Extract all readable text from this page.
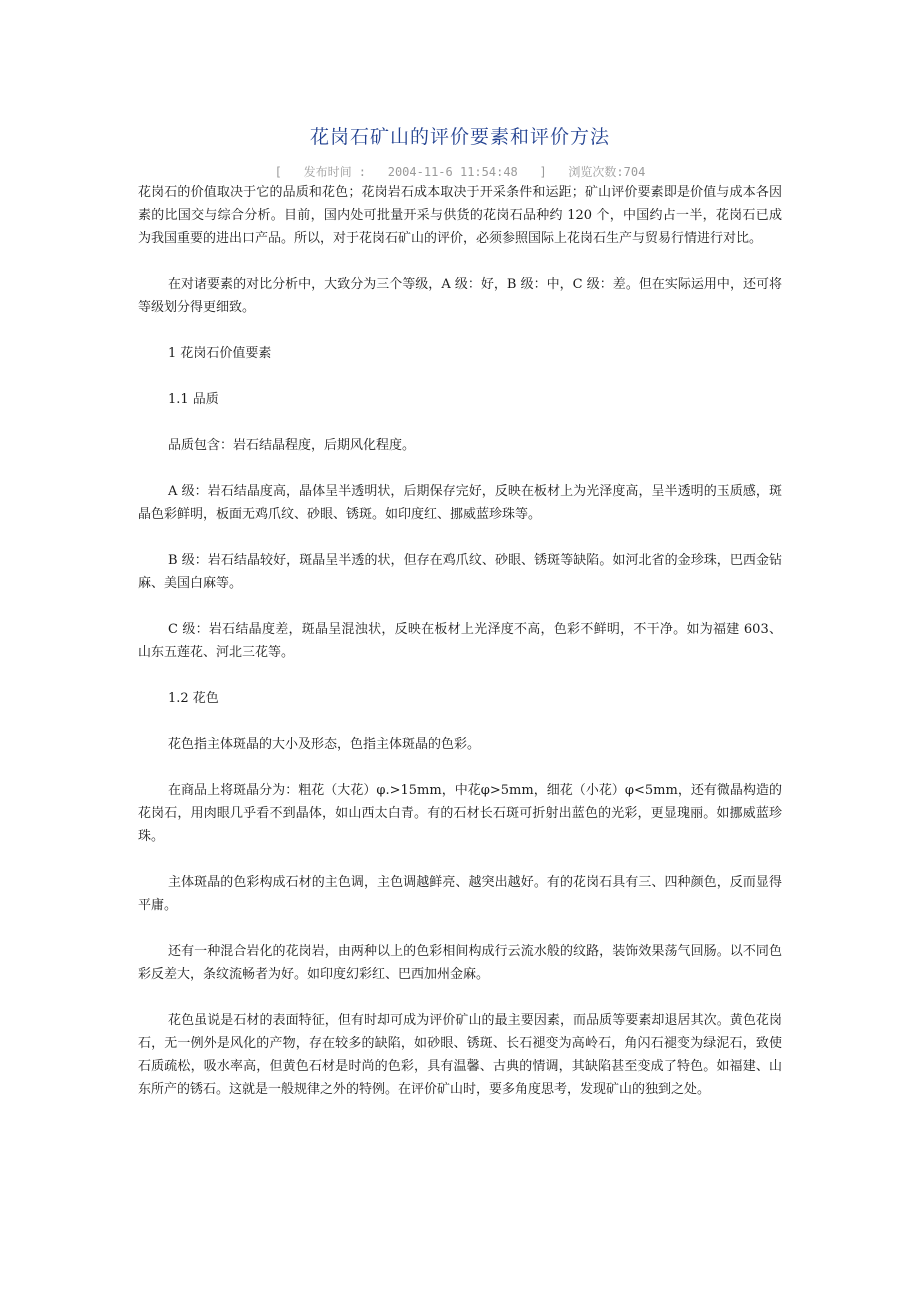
花岗石矿山的评价要素和评价方法
[ 发布时间 : 2004-11-6 11:54:48 ] 浏览次数:704

花岗石的价值取决于它的品质和花色；花岗岩石成本取决于开采条件和运距；矿山评价要素即是价值与成本各因素的比国交与综合分析。目前，国内处可批量开采与供货的花岗石品种约 120 个，中国约占一半，花岗石已成为我国重要的进出口产品。所以，对于花岗石矿山的评价，必须参照国际上花岗石生产与贸易行情进行对比。

在对诸要素的对比分析中，大致分为三个等级，A 级：好，B 级：中，C 级：差。但在实际运用中，还可将等级划分得更细致。

1 花岗石价值要素

1.1 品质

品质包含：岩石结晶程度，后期风化程度。

A 级：岩石结晶度高，晶体呈半透明状，后期保存完好，反映在板材上为光泽度高，呈半透明的玉质感，斑晶色彩鲜明，板面无鸡爪纹、砂眼、锈斑。如印度红、挪威蓝珍珠等。

B 级：岩石结晶较好，斑晶呈半透的状，但存在鸡爪纹、砂眼、锈斑等缺陷。如河北省的金珍珠，巴西金钻麻、美国白麻等。

C 级：岩石结晶度差，斑晶呈混浊状，反映在板材上光泽度不高，色彩不鲜明，不干净。如为福建 603、山东五莲花、河北三花等。

1.2 花色

花色指主体斑晶的大小及形态，色指主体斑晶的色彩。

在商品上将斑晶分为：粗花（大花）φ.>15mm，中花φ>5mm，细花（小花）φ<5mm，还有微晶构造的花岗石，用肉眼几乎看不到晶体，如山西太白青。有的石材长石斑可折射出蓝色的光彩，更显瑰丽。如挪威蓝珍珠。

主体斑晶的色彩构成石材的主色调，主色调越鲜亮、越突出越好。有的花岗石具有三、四种颜色，反而显得平庸。

还有一种混合岩化的花岗岩，由两种以上的色彩相间构成行云流水般的纹路，装饰效果荡气回肠。以不同色彩反差大，条纹流畅者为好。如印度幻彩红、巴西加州金麻。

花色虽说是石材的表面特征，但有时却可成为评价矿山的最主要因素，而品质等要素却退居其次。黄色花岗石，无一例外是风化的产物，存在较多的缺陷，如砂眼、锈斑、长石褪变为高岭石，角闪石褪变为绿泥石，致使石质疏松，吸水率高，但黄色石材是时尚的色彩，具有温馨、古典的情调，其缺陷甚至变成了特色。如福建、山东所产的锈石。这就是一般规律之外的特例。在评价矿山时，要多角度思考，发现矿山的独到之处。
